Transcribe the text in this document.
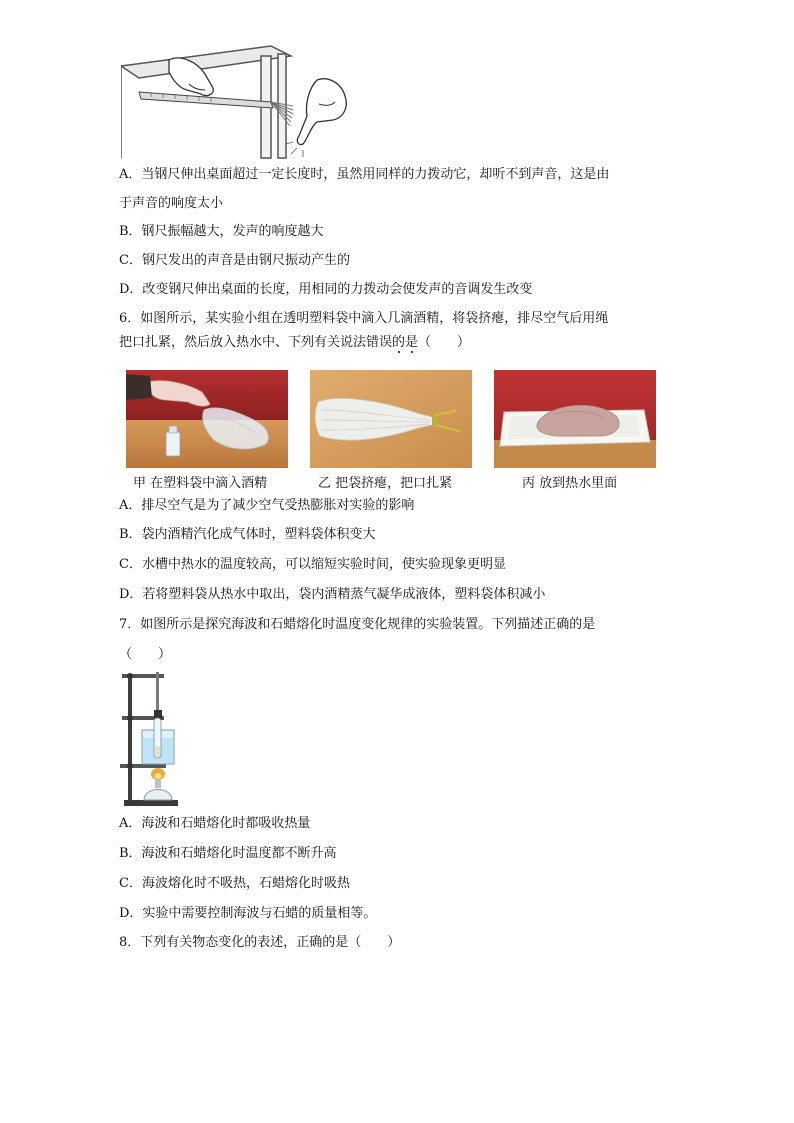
A．当钢尺伸出桌面超过一定长度时，虽然用同样的力拨动它，却听不到声音，这是由
于声音的响度太小
B．钢尺振幅越大，发声的响度越大
C．钢尺发出的声音是由钢尺振动产生的
D．改变钢尺伸出桌面的长度，用相同的力拨动会使发声的音调发生改变
6．如图所示，某实验小组在透明塑料袋中滴入几滴酒精，将袋挤瘪，排尽空气后用绳
把口扎紧，然后放入热水中、下列有关说法错误的是（　　）
甲 在塑料袋中滴入酒精	乙 把袋挤瘪，把口扎紧	丙 放到热水里面
A．排尽空气是为了减少空气受热膨胀对实验的影响
B．袋内酒精汽化成气体时，塑料袋体积变大
C．水槽中热水的温度较高，可以缩短实验时间，使实验现象更明显
D．若将塑料袋从热水中取出，袋内酒精蒸气凝华成液体，塑料袋体积减小
7．如图所示是探究海波和石蜡熔化时温度变化规律的实验装置。下列描述正确的是
（　　）
A．海波和石蜡熔化时都吸收热量
B．海波和石蜡熔化时温度都不断升高
C．海波熔化时不吸热，石蜡熔化时吸热
D．实验中需要控制海波与石蜡的质量相等。
8．下列有关物态变化的表述，正确的是（　　）
